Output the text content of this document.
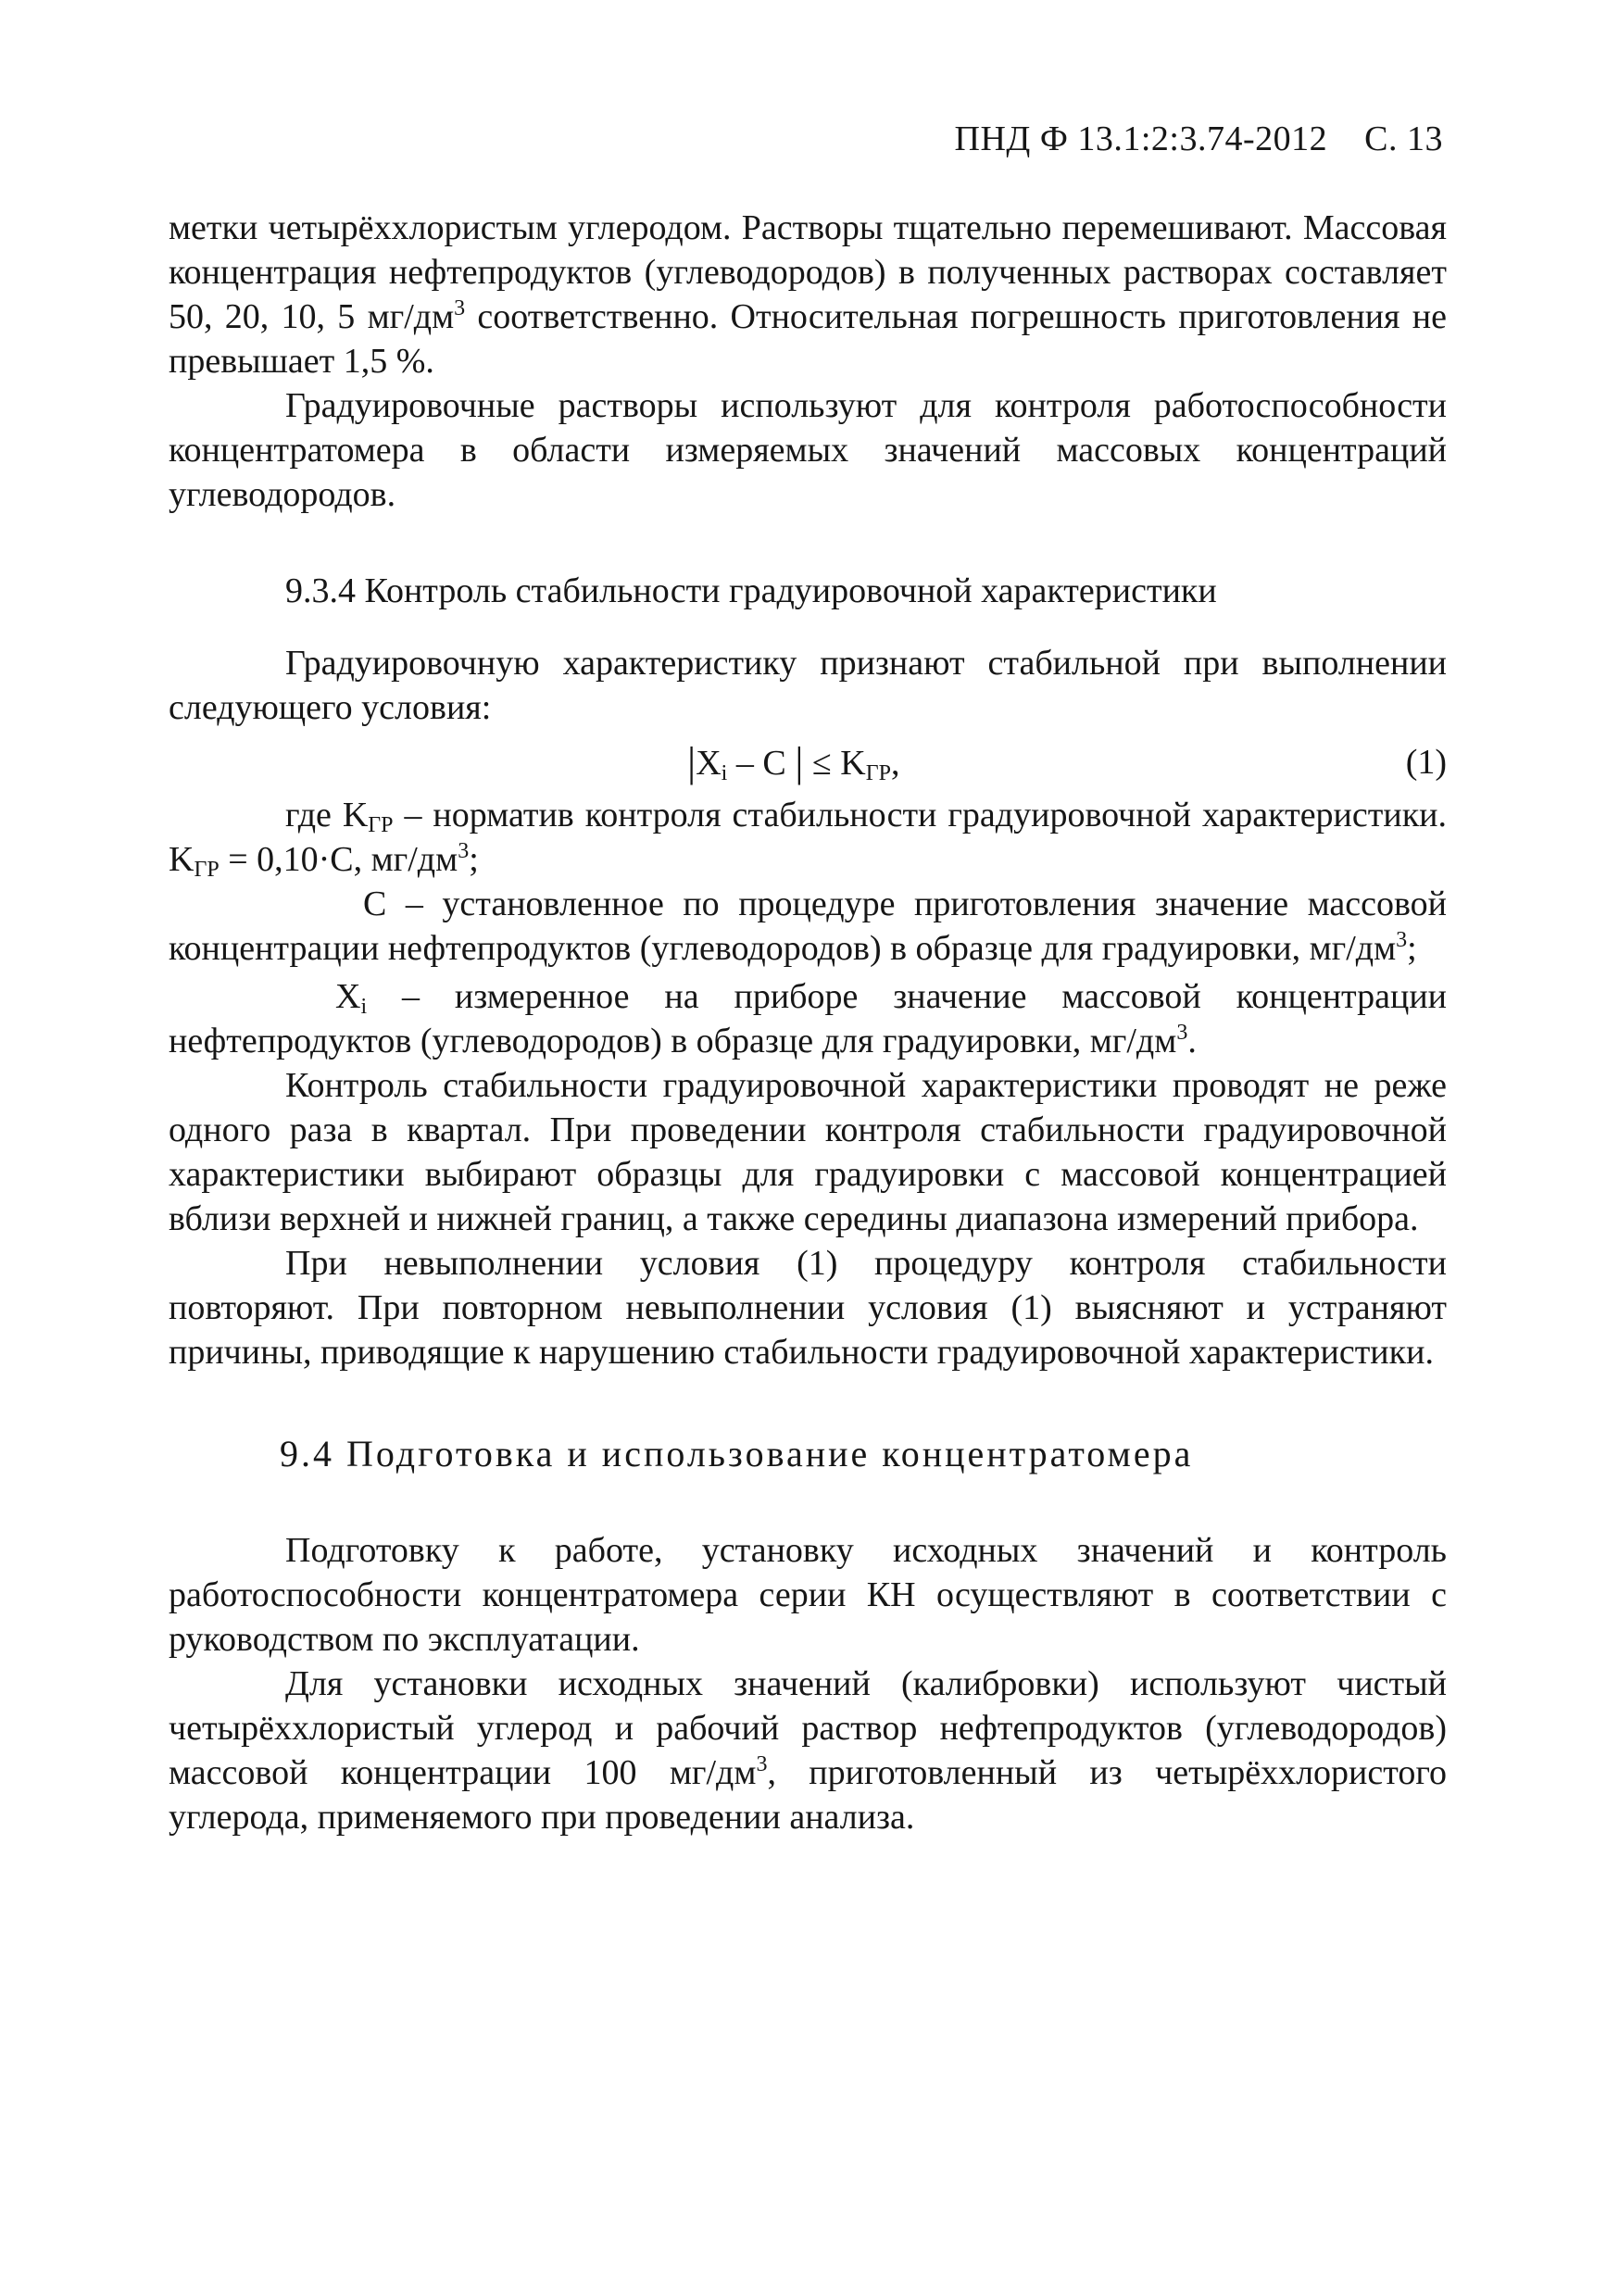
ПНД Ф 13.1:2:3.74-2012 С. 13

метки четырёххлористым углеродом. Растворы тщательно перемешивают. Массовая концентрация нефтепродуктов (углеводородов) в полученных растворах составляет 50, 20, 10, 5 $мг/дм^3$ соответственно. Относительная погрешность приготовления не превышает 1,5 %.

Градуировочные растворы используют для контроля работоспособности концентратомера в области измеряемых значений массовых концентраций углеводородов.

9.3.4 Контроль стабильности градуировочной характеристики

Градуировочную характеристику признают стабильной при выполнении следующего условия:

$|X_i$ – C | ≤ $K_{ГР}$,	(1)

где $K_{ГР}$ – норматив контроля стабильности градуировочной характеристики. $K_{ГР} = 0,10\cdot C$, $мг/дм^3$;

C – установленное по процедуре приготовления значение массовой концентрации нефтепродуктов (углеводородов) в образце для градуировки, $мг/дм^3$;

$X_i$ – измеренное на приборе значение массовой концентрации нефтепродуктов (углеводородов) в образце для градуировки, $мг/дм^3$.

Контроль стабильности градуировочной характеристики проводят не реже одного раза в квартал. При проведении контроля стабильности градуировочной характеристики выбирают образцы для градуировки с массовой концентрацией вблизи верхней и нижней границ, а также середины диапазона измерений прибора.

При невыполнении условия (1) процедуру контроля стабильности повторяют. При повторном невыполнении условия (1) выясняют и устраняют причины, приводящие к нарушению стабильности градуировочной характеристики.

9.4 Подготовка и использование концентратомера

Подготовку к работе, установку исходных значений и контроль работоспособности концентратомера серии КН осуществляют в соответствии с руководством по эксплуатации.

Для установки исходных значений (калибровки) используют чистый четырёххлористый углерод и рабочий раствор нефтепродуктов (углеводородов) массовой концентрации 100 $мг/дм^3$, приготовленный из четырёххлористого углерода, применяемого при проведении анализа.
